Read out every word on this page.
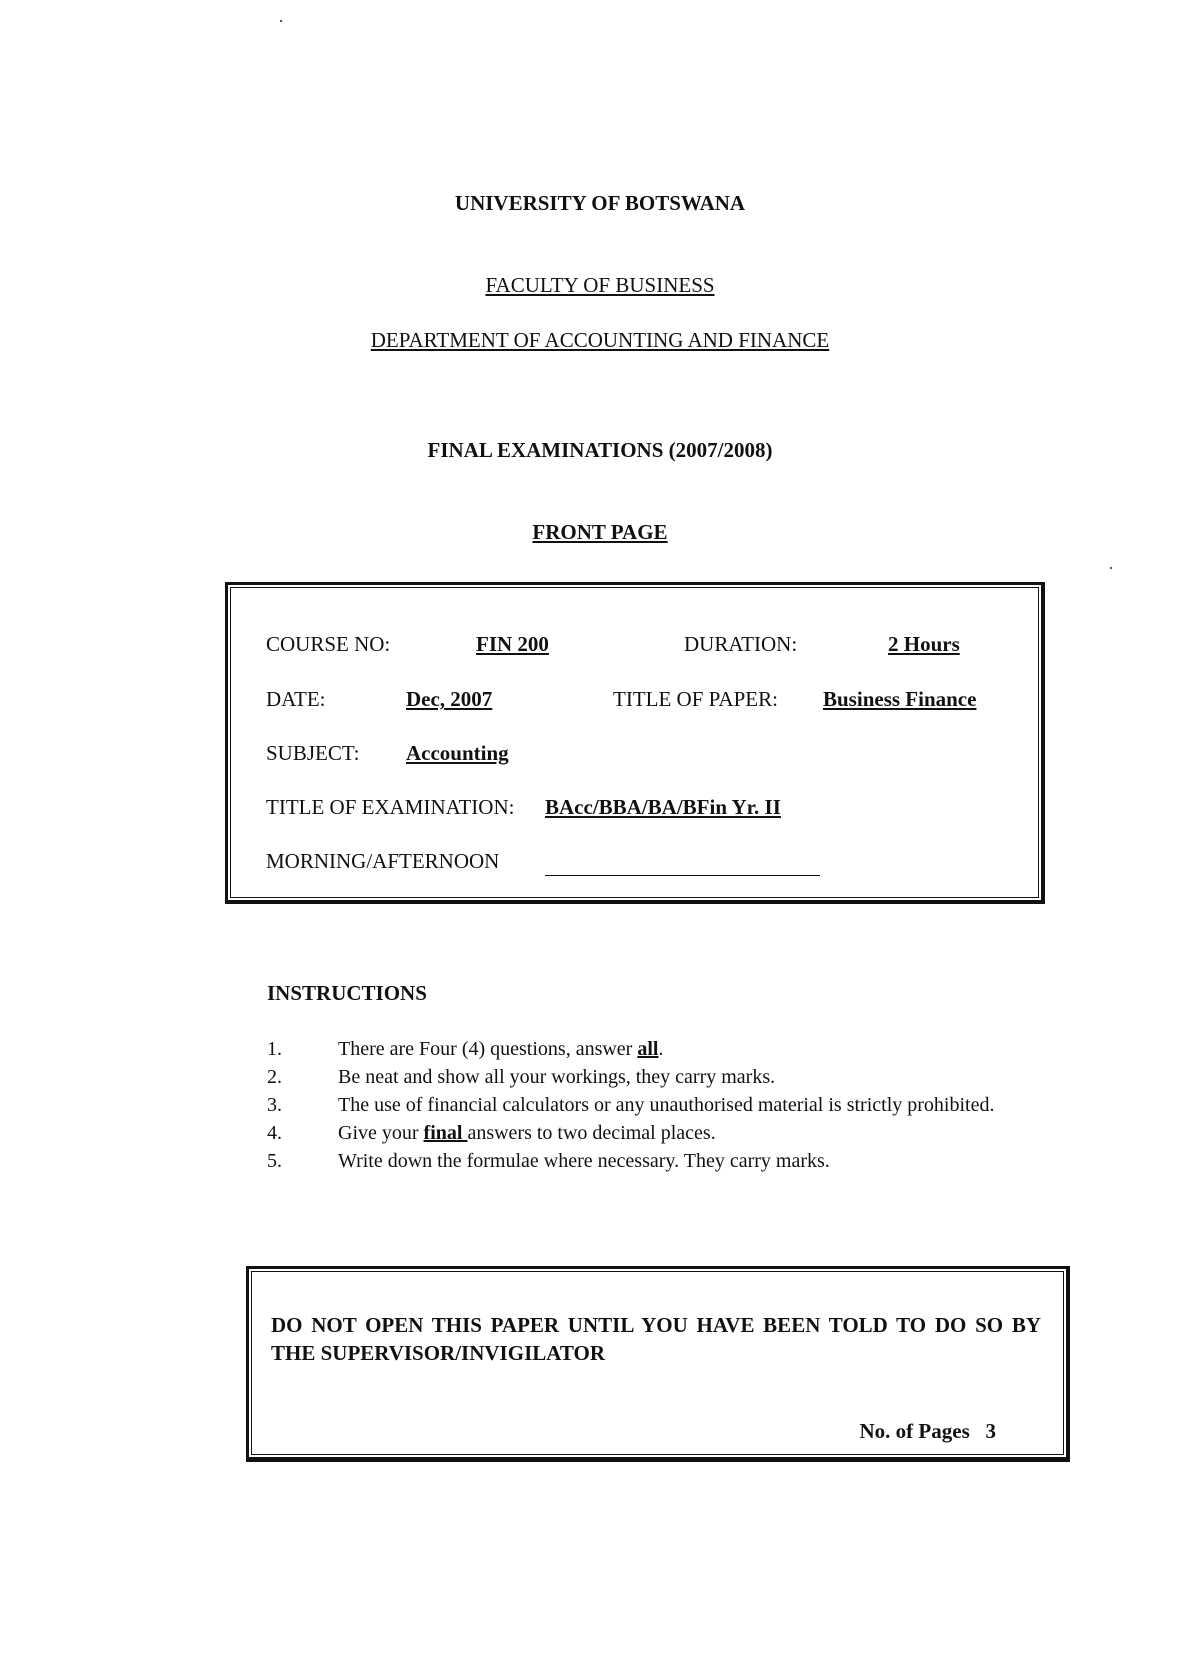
UNIVERSITY OF BOTSWANA
FACULTY OF BUSINESS
DEPARTMENT OF ACCOUNTING AND FINANCE
FINAL EXAMINATIONS (2007/2008)
FRONT PAGE
COURSE NO:	FIN 200	DURATION:	2 Hours
DATE:	Dec, 2007	TITLE OF PAPER: Business Finance
SUBJECT: Accounting
TITLE OF EXAMINATION: BAcc/BBA/BA/BFin Yr. II
MORNING/AFTERNOON
INSTRUCTIONS
1.	There are Four (4) questions, answer all.
2.	Be neat and show all your workings, they carry marks.
3.	The use of financial calculators or any unauthorised material is strictly prohibited.
4.	Give your final answers to two decimal places.
5.	Write down the formulae where necessary. They carry marks.
DO NOT OPEN THIS PAPER UNTIL YOU HAVE BEEN TOLD TO DO SO BY THE SUPERVISOR/INVIGILATOR
No. of Pages   3
